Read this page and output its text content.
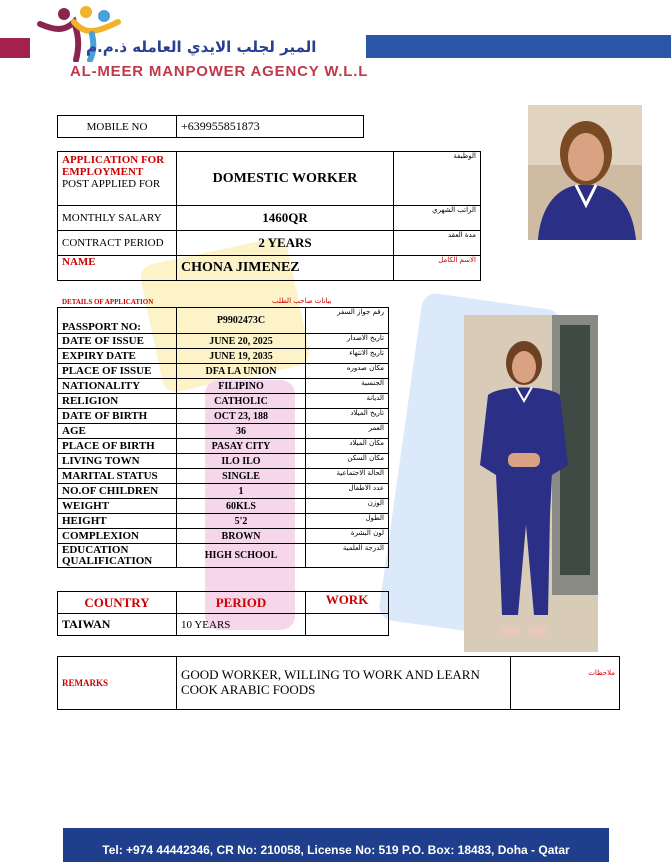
المير لجلب الايدي العامله ذ.م.م
AL-MEER MANPOWER AGENCY W.L.L
MOBILE NO	+639955851873
APPLICATION FOR EMPLOYMENT
POST APPLIED FOR	DOMESTIC WORKER	الوظيفة
MONTHLY SALARY	1460QR	الراتب الشهري
CONTRACT PERIOD	2 YEARS	مدة العقد
NAME	CHONA JIMENEZ	الاسم الكامل
DETAILS OF APPLICATION	بيانات صاحب الطلب
PASSPORT NO:	P9902473C	رقم جواز السفر
DATE OF ISSUE	JUNE 20, 2025	تاريخ الاصدار
EXPIRY DATE	JUNE 19, 2035	تاريخ الانتهاء
PLACE OF ISSUE	DFA LA UNION	مكان صدوره
NATIONALITY	FILIPINO	الجنسية
RELIGION	CATHOLIC	الديانة
DATE OF BIRTH	OCT 23, 188	تاريخ الميلاد
AGE	36	العمر
PLACE OF BIRTH	PASAY CITY	مكان الميلاد
LIVING TOWN	ILO ILO	مكان السكن
MARITAL STATUS	SINGLE	الحالة الاجتماعية
NO.OF CHILDREN	1	عدد الاطفال
WEIGHT	60KLS	الوزن
HEIGHT	5'2	الطول
COMPLEXION	BROWN	لون البشرة
EDUCATION QUALIFICATION	HIGH SCHOOL	الدرجة العلمية
COUNTRY	PERIOD	WORK
TAIWAN	10 YEARS	
REMARKS	GOOD WORKER, WILLING TO WORK AND LEARN COOK ARABIC FOODS	ملاحظات
Tel: +974 44442346, CR No: 210058, License No: 519 P.O. Box: 18483, Doha - Qatar
